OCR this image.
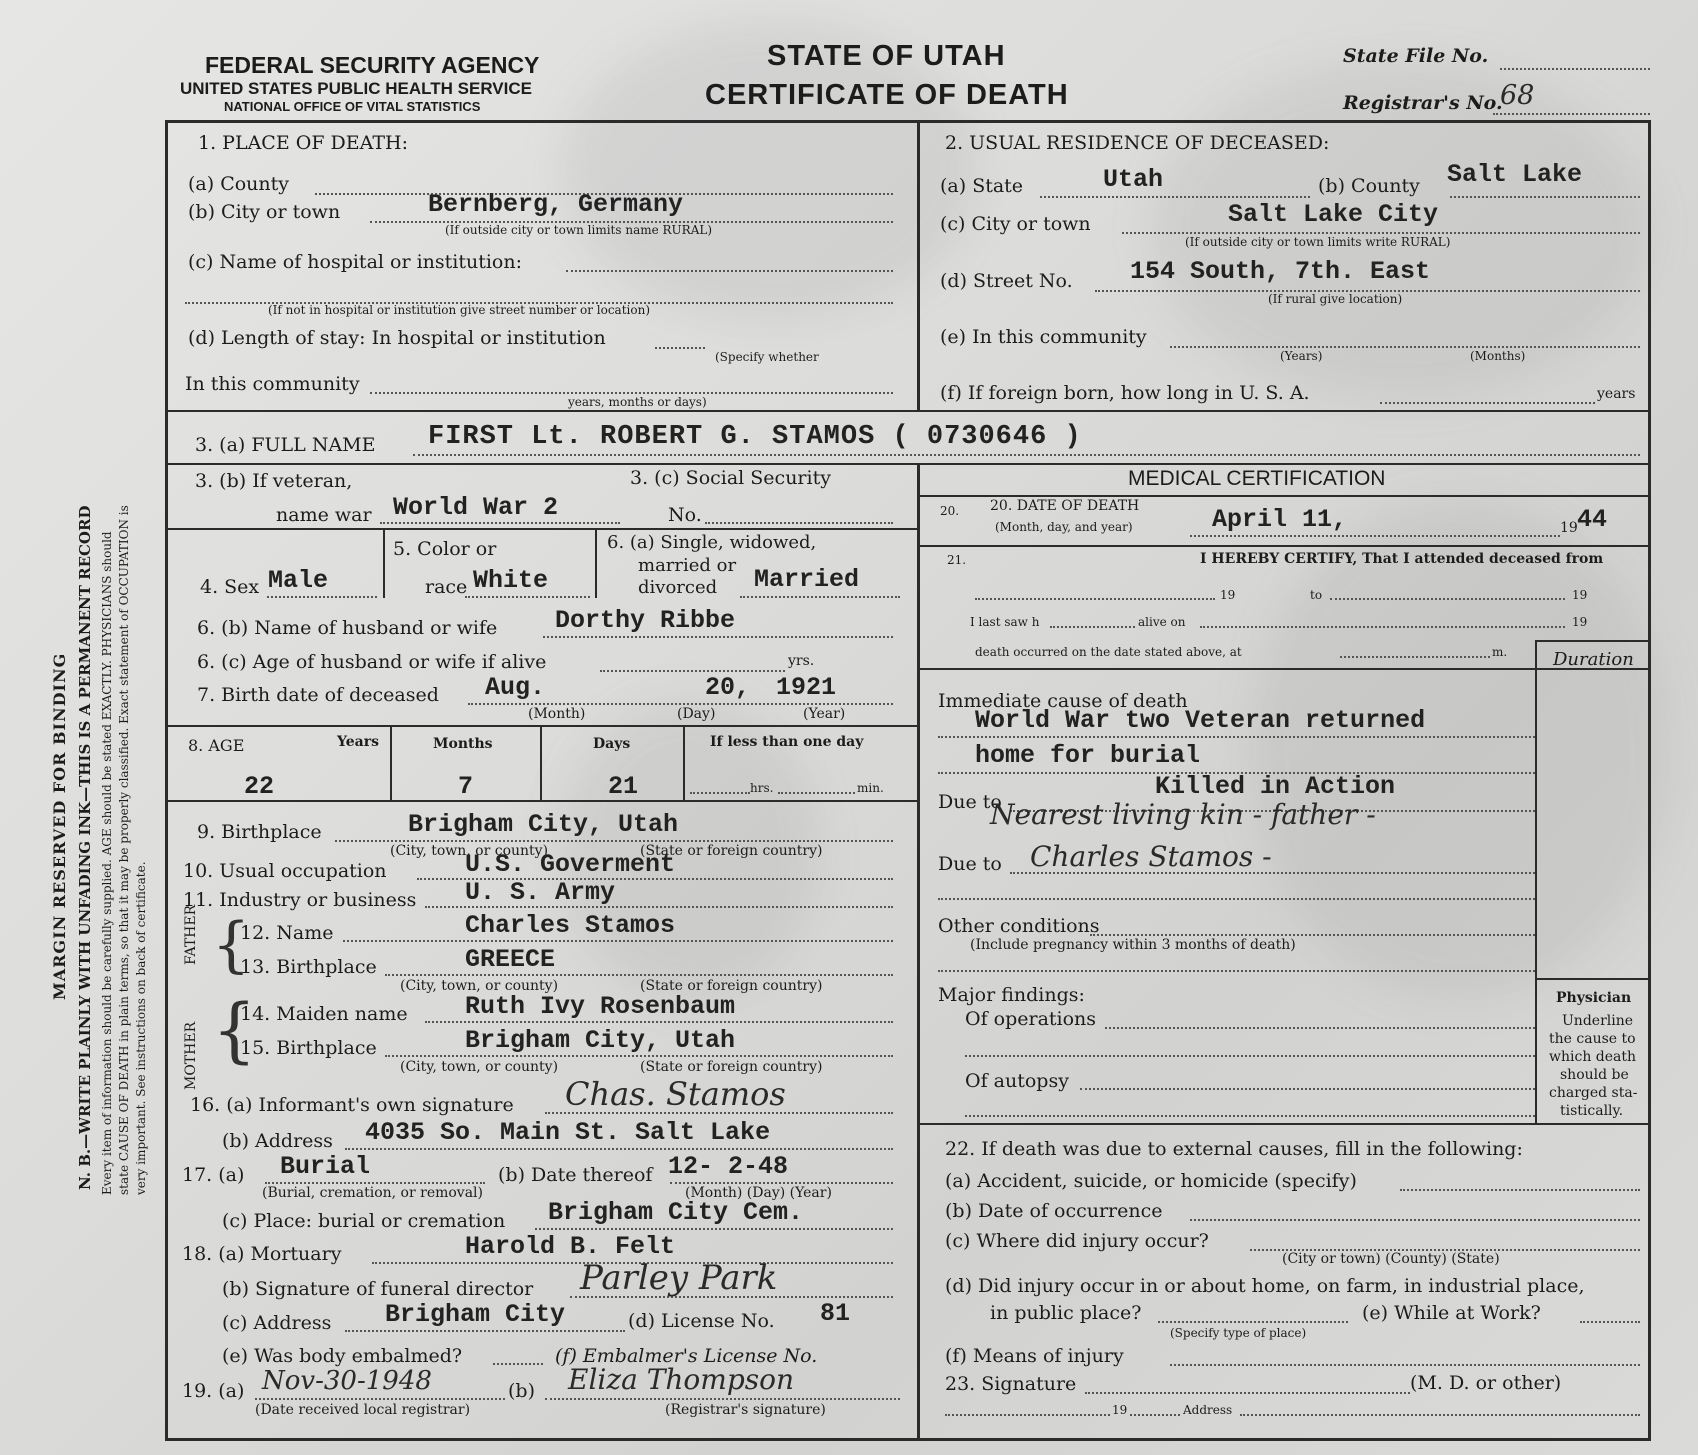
MARGIN RESERVED FOR BINDING N. B.—WRITE PLAINLY WITH UNFADING INK—THIS IS A PERMANENT RECORD Every item of information should be carefully supplied. AGE should be stated EXACTLY. PHYSICIANS should state CAUSE OF DEATH in plain terms, so that it may be properly classified. Exact statement of OCCUPATION is very important. See instructions on back of certificate.
FEDERAL SECURITY AGENCY
UNITED STATES PUBLIC HEALTH SERVICE
NATIONAL OFFICE OF VITAL STATISTICS
STATE OF UTAH
CERTIFICATE OF DEATH
State File No.
Registrar's No.
68
1. PLACE OF DEATH:
(a) County
(b) City or town	Bernberg, Germany
(If outside city or town limits name RURAL)
(c) Name of hospital or institution:
(If not in hospital or institution give street number or location)
(d) Length of stay: In hospital or institution
(Specify whether
In this community
years, months or days)
2. USUAL RESIDENCE OF DECEASED:
(a) State	Utah	(b) County Salt Lake
(c) City or town	Salt Lake City
(If outside city or town limits write RURAL)
(d) Street No. 154 South, 7th. East
(If rural give location)
(e) In this community
(Years)	(Months)
(f) If foreign born, how long in U. S. A.	years
3. (a) FULL NAME FIRST Lt. ROBERT G. STAMOS ( 0730646 )
3. (b) If veteran,
name war World War 2
3. (c) Social Security
No.
4. Sex Male
5. Color or
race White
6. (a) Single, widowed,
married or
divorced Married
6. (b) Name of husband or wife Dorthy Ribbe
6. (c) Age of husband or wife if alive	yrs.
7. Birth date of deceased Aug.	20, 1921
(Month)	(Day)	(Year)
8. AGE	Years	Months	Days	If less than one day
22	7	21	hrs.	min.
9. Birthplace	Brigham City, Utah
(City, town, or county)	(State or foreign country)
10. Usual occupation	U.S. Goverment
11. Industry or business U. S. Army
FATHER
MOTHER
{
{
12. Name	Charles Stamos
13. Birthplace	GREECE
(City, town, or county)	(State or foreign country)
14. Maiden name Ruth Ivy Rosenbaum
15. Birthplace	Brigham City, Utah
(City, town, or county)	(State or foreign country)
16. (a) Informant's own signature Chas. Stamos
(b) Address 4035 So. Main St. Salt Lake
17. (a) Burial
(Burial, cremation, or removal)
(b) Date thereof 12- 2-48
(Month) (Day) (Year)
(c) Place: burial or cremation Brigham City Cem.
18. (a) Mortuary	Harold B. Felt
(b) Signature of funeral director Parley Park
(c) Address Brigham City	(d) License No. 81
(e) Was body embalmed?	(f) Embalmer's License No.
19. (a) Nov-30-1948
(Date received local registrar)
(b) Eliza Thompson
(Registrar's signature)
MEDICAL CERTIFICATION
20. 20. DATE OF DEATH
(Month, day, and year)	April 11,	19 44
21.	I HEREBY CERTIFY, That I attended deceased from
19	to	19
I last saw h	alive on	19
death occurred on the date stated above, at	m.	Duration
Immediate cause of death
World War two Veteran returned
home for burial
Killed in Action
Due to
Nearest living kin - father -
Due to Charles Stamos -
Other conditions
(Include pregnancy within 3 months of death)
Major findings:
Of operations
Of autopsy
Physician
Underline
the cause to
which death
should be
charged sta-
tistically.
22. If death was due to external causes, fill in the following:
(a) Accident, suicide, or homicide (specify)
(b) Date of occurrence
(c) Where did injury occur?
(City or town) (County) (State)
(d) Did injury occur in or about home, on farm, in industrial place,
in public place?
(Specify type of place)
(e) While at Work?
(f) Means of injury
23. Signature	(M. D. or other)
19	Address
